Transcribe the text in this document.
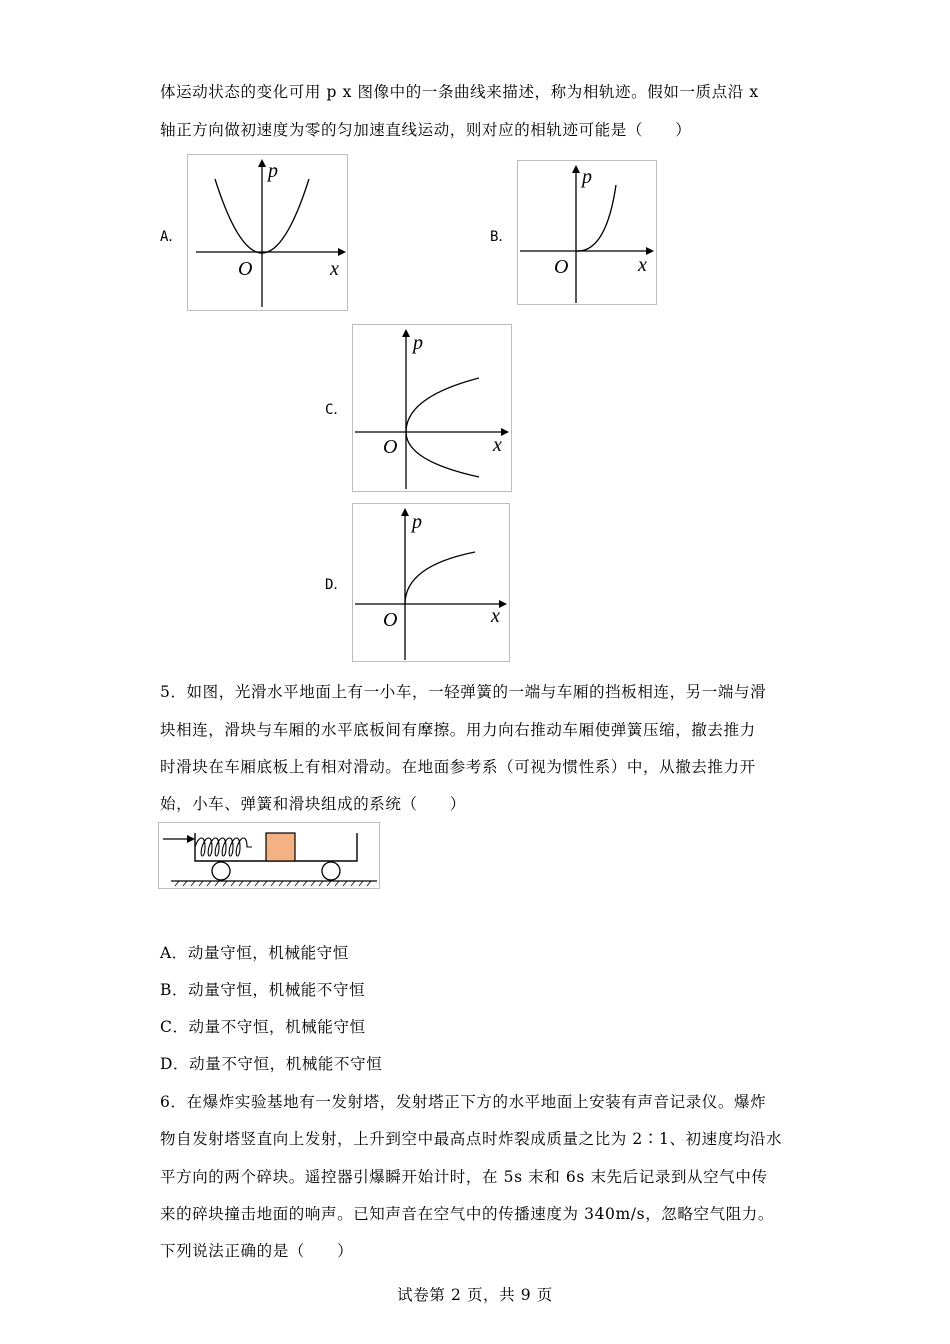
体运动状态的变化可用 p x 图像中的一条曲线来描述，称为相轨迹。假如一质点沿 x
轴正方向做初速度为零的匀加速直线运动，则对应的相轨迹可能是（　　）
A．
p
x
O
B．
p
x
O
C．
p
x
O
D．
p
x
O
5．如图，光滑水平地面上有一小车，一轻弹簧的一端与车厢的挡板相连，另一端与滑
块相连，滑块与车厢的水平底板间有摩擦。用力向右推动车厢使弹簧压缩，撤去推力
时滑块在车厢底板上有相对滑动。在地面参考系（可视为惯性系）中，从撤去推力开
始，小车、弹簧和滑块组成的系统（　　）
A．动量守恒，机械能守恒
B．动量守恒，机械能不守恒
C．动量不守恒，机械能守恒
D．动量不守恒，机械能不守恒
6．在爆炸实验基地有一发射塔，发射塔正下方的水平地面上安装有声音记录仪。爆炸
物自发射塔竖直向上发射，上升到空中最高点时炸裂成质量之比为 2∶1、初速度均沿水
平方向的两个碎块。遥控器引爆瞬开始计时，在 5s 末和 6s 末先后记录到从空气中传
来的碎块撞击地面的响声。已知声音在空气中的传播速度为 340m/s，忽略空气阻力。
下列说法正确的是（　　）
试卷第 2 页，共 9 页
